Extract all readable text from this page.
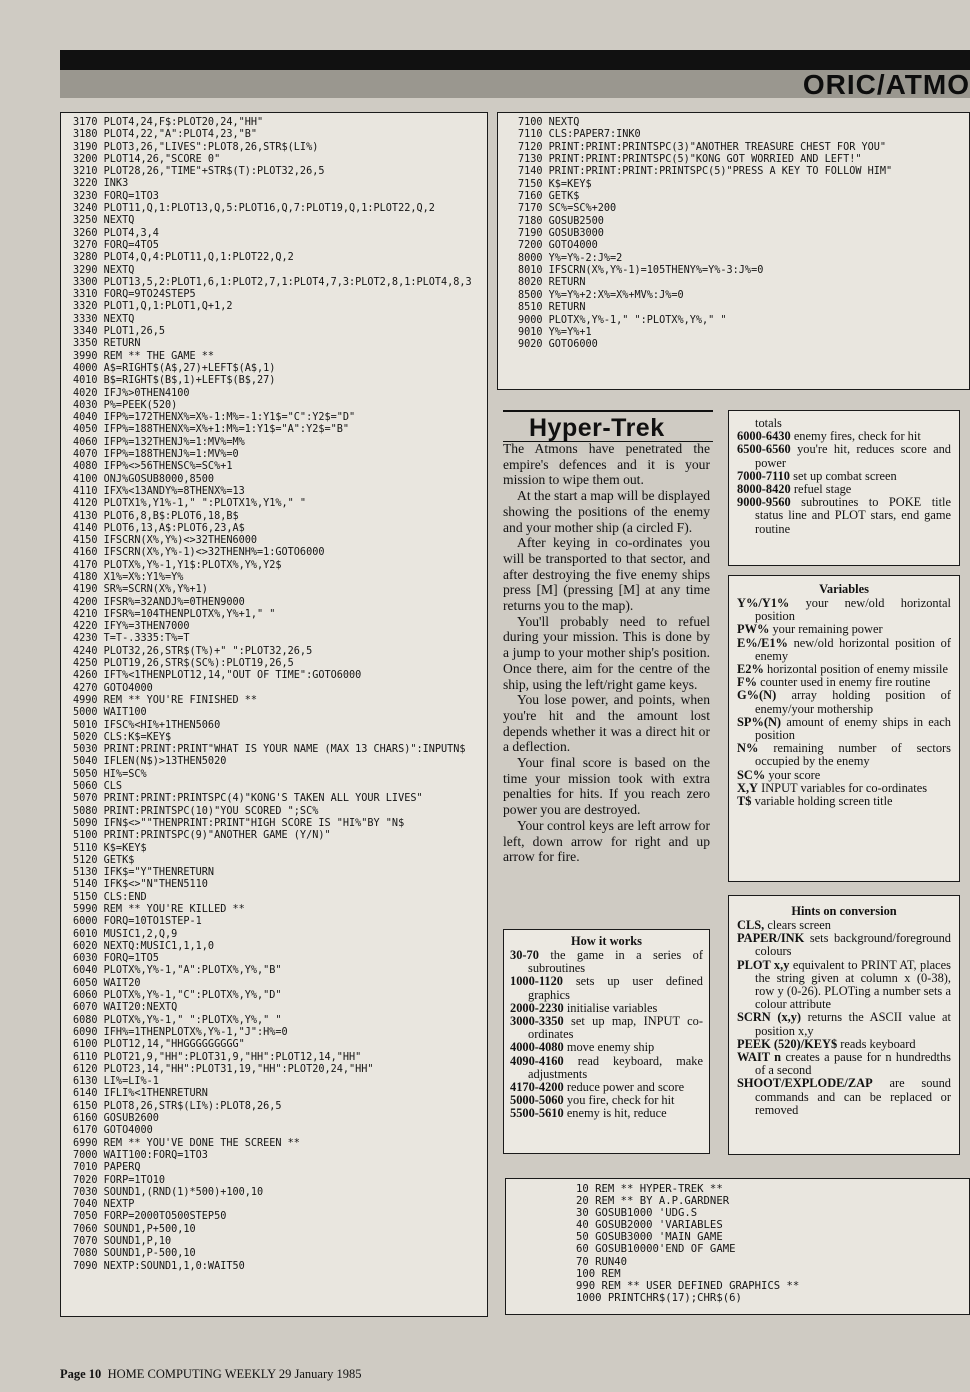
ORIC/ATMO
3170 PLOT4,24,F$:PLOT20,24,"HH"
3180 PLOT4,22,"A":PLOT4,23,"B"
3190 PLOT3,26,"LIVES":PLOT8,26,STR$(LI%)
3200 PLOT14,26,"SCORE 0"
3210 PLOT28,26,"TIME"+STR$(T):PLOT32,26,5
3220 INK3
3230 FORQ=1TO3
3240 PLOT11,Q,1:PLOT13,Q,5:PLOT16,Q,7:PLOT19,Q,1:PLOT22,Q,2
3250 NEXTQ
3260 PLOT4,3,4
3270 FORQ=4TO5
3280 PLOT4,Q,4:PLOT11,Q,1:PLOT22,Q,2
3290 NEXTQ
3300 PLOT13,5,2:PLOT1,6,1:PLOT2,7,1:PLOT4,7,3:PLOT2,8,1:PLOT4,8,3
3310 FORQ=9TO24STEP5
3320 PLOT1,Q,1:PLOT1,Q+1,2
3330 NEXTQ
3340 PLOT1,26,5
3350 RETURN
3990 REM ** THE GAME **
4000 A$=RIGHT$(A$,27)+LEFT$(A$,1)
4010 B$=RIGHT$(B$,1)+LEFT$(B$,27)
4020 IFJ%>0THEN4100
4030 P%=PEEK(520)
4040 IFP%=172THENX%=X%-1:M%=-1:Y1$="C":Y2$="D"
4050 IFP%=188THENX%=X%+1:M%=1:Y1$="A":Y2$="B"
4060 IFP%=132THENJ%=1:MV%=M%
4070 IFP%=188THENJ%=1:MV%=0
4080 IFP%<>56THENSC%=SC%+1
4100 ONJ%GOSUB8000,8500
4110 IFX%<13ANDY%=8THENX%=13
4120 PLOTX1%,Y1%-1," ":PLOTX1%,Y1%," "
4130 PLOT6,8,B$:PLOT6,18,B$
4140 PLOT6,13,A$:PLOT6,23,A$
4150 IFSCRN(X%,Y%)<>32THEN6000
4160 IFSCRN(X%,Y%-1)<>32THENH%=1:GOTO6000
4170 PLOTX%,Y%-1,Y1$:PLOTX%,Y%,Y2$
4180 X1%=X%:Y1%=Y%
4190 SR%=SCRN(X%,Y%+1)
4200 IFSR%=32ANDJ%=0THEN9000
4210 IFSR%=104THENPLOTX%,Y%+1," "
4220 IFY%=3THEN7000
4230 T=T-.3335:T%=T
4240 PLOT32,26,STR$(T%)+" ":PLOT32,26,5
4250 PLOT19,26,STR$(SC%):PLOT19,26,5
4260 IFT%<1THENPLOT12,14,"OUT OF TIME":GOTO6000
4270 GOTO4000
4990 REM ** YOU'RE FINISHED **
5000 WAIT100
5010 IFSC%<HI%+1THEN5060
5020 CLS:K$=KEY$
5030 PRINT:PRINT:PRINT"WHAT IS YOUR NAME (MAX 13 CHARS)":INPUTN$
5040 IFLEN(N$)>13THEN5020
5050 HI%=SC%
5060 CLS
5070 PRINT:PRINT:PRINTSPC(4)"KONG'S TAKEN ALL YOUR LIVES"
5080 PRINT:PRINTSPC(10)"YOU SCORED ";SC%
5090 IFN$<>""THENPRINT:PRINT"HIGH SCORE IS "HI%"BY "N$
5100 PRINT:PRINTSPC(9)"ANOTHER GAME (Y/N)"
5110 K$=KEY$
5120 GETK$
5130 IFK$="Y"THENRETURN
5140 IFK$<>"N"THEN5110
5150 CLS:END
5990 REM ** YOU'RE KILLED **
6000 FORQ=10TO1STEP-1
6010 MUSIC1,2,Q,9
6020 NEXTQ:MUSIC1,1,1,0
6030 FORQ=1TO5
6040 PLOTX%,Y%-1,"A":PLOTX%,Y%,"B"
6050 WAIT20
6060 PLOTX%,Y%-1,"C":PLOTX%,Y%,"D"
6070 WAIT20:NEXTQ
6080 PLOTX%,Y%-1," ":PLOTX%,Y%," "
6090 IFH%=1THENPLOTX%,Y%-1,"J":H%=0
6100 PLOT12,14,"HHGGGGGGGGG"
6110 PLOT21,9,"HH":PLOT31,9,"HH":PLOT12,14,"HH"
6120 PLOT23,14,"HH":PLOT31,19,"HH":PLOT20,24,"HH"
6130 LI%=LI%-1
6140 IFLI%<1THENRETURN
6150 PLOT8,26,STR$(LI%):PLOT8,26,5
6160 GOSUB2600
6170 GOTO4000
6990 REM ** YOU'VE DONE THE SCREEN **
7000 WAIT100:FORQ=1TO3
7010 PAPERQ
7020 FORP=1TO10
7030 SOUND1,(RND(1)*500)+100,10
7040 NEXTP
7050 FORP=2000TO500STEP50
7060 SOUND1,P+500,10
7070 SOUND1,P,10
7080 SOUND1,P-500,10
7090 NEXTP:SOUND1,1,0:WAIT50
7100 NEXTQ
7110 CLS:PAPER7:INK0
7120 PRINT:PRINT:PRINTSPC(3)"ANOTHER TREASURE CHEST FOR YOU"
7130 PRINT:PRINT:PRINTSPC(5)"KONG GOT WORRIED AND LEFT!"
7140 PRINT:PRINT:PRINT:PRINTSPC(5)"PRESS A KEY TO FOLLOW HIM"
7150 K$=KEY$
7160 GETK$
7170 SC%=SC%+200
7180 GOSUB2500
7190 GOSUB3000
7200 GOTO4000
8000 Y%=Y%-2:J%=2
8010 IFSCRN(X%,Y%-1)=105THENY%=Y%-3:J%=0
8020 RETURN
8500 Y%=Y%+2:X%=X%+MV%:J%=0
8510 RETURN
9000 PLOTX%,Y%-1," ":PLOTX%,Y%," "
9010 Y%=Y%+1
9020 GOTO6000
Hyper-Trek

The Atmons have penetrated the empire's defences and it is your mission to wipe them out.

At the start a map will be displayed showing the positions of the enemy and your mother ship (a circled F).

After keying in co-ordinates you will be transported to that sector, and after destroying the five enemy ships press [M] (pressing [M] at any time returns you to the map).

You'll probably need to refuel during your mission. This is done by a jump to your mother ship's position. Once there, aim for the centre of the ship, using the left/right game keys.

You lose power, and points, when you're hit and the amount lost depends whether it was a direct hit or a deflection.

Your final score is based on the time your mission took with extra penalties for hits. If you reach zero power you are destroyed.

Your control keys are left arrow for left, down arrow for right and up arrow for fire.

How it works
30-70 the game in a series of subroutines
1000-1120 sets up user defined graphics
2000-2230 initialise variables
3000-3350 set up map, INPUT co-ordinates
4000-4080 move enemy ship
4090-4160 read keyboard, make adjustments
4170-4200 reduce power and score
5000-5060 you fire, check for hit
5500-5610 enemy is hit, reduce
totals
6000-6430 enemy fires, check for hit
6500-6560 you're hit, reduces score and power
7000-7110 set up combat screen
8000-8420 refuel stage
9000-9560 subroutines to POKE title status line and PLOT stars, end game routine
Variables
Y%/Y1% your new/old horizontal position
PW% your remaining power
E%/E1% new/old horizontal position of enemy
E2% horizontal position of enemy missile
F% counter used in enemy fire routine
G%(N) array holding position of enemy/your mothership
SP%(N) amount of enemy ships in each position
N% remaining number of sectors occupied by the enemy
SC% your score
X,Y INPUT variables for co-ordinates
T$ variable holding screen title
Hints on conversion
CLS, clears screen
PAPER/INK sets background/foreground colours
PLOT x,y equivalent to PRINT AT, places the string given at column x (0-38), row y (0-26). PLOTing a number sets a colour attribute
SCRN (x,y) returns the ASCII value at position x,y
PEEK (520)/KEY$ reads keyboard
WAIT n creates a pause for n hundredths of a second
SHOOT/EXPLODE/ZAP are sound commands and can be replaced or removed
10 REM ** HYPER-TREK **
20 REM ** BY A.P.GARDNER
30 GOSUB1000 'UDG.S
40 GOSUB2000 'VARIABLES
50 GOSUB3000 'MAIN GAME
60 GOSUB10000'END OF GAME
70 RUN40
100 REM
990 REM ** USER DEFINED GRAPHICS **
1000 PRINTCHR$(17);CHR$(6)
Page 10 HOME COMPUTING WEEKLY 29 January 1985
